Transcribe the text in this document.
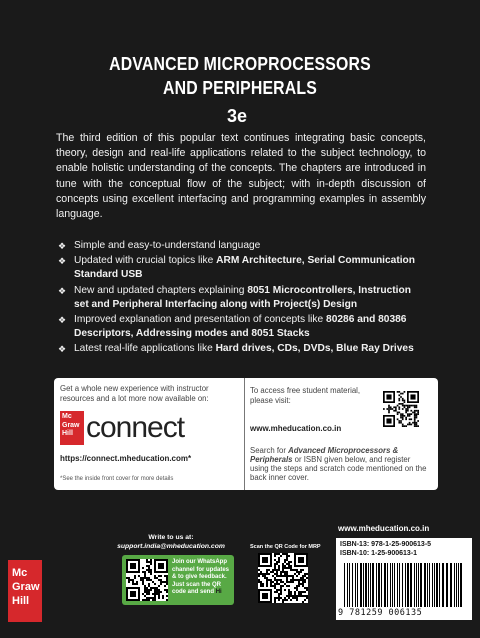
ADVANCED MICROPROCESSORS
AND PERIPHERALS
3e
The third edition of this popular text continues integrating basic concepts, theory, design and real-life applications related to the subject technology, to enable holistic understanding of the concepts. The chapters are introduced in tune with the conceptual flow of the subject; with in-depth discussion of concepts using excellent interfacing and programming examples in assembly language.
❖ Simple and easy-to-understand language
❖ Updated with crucial topics like ARM Architecture, Serial Communication Standard USB
❖ New and updated chapters explaining 8051 Microcontrollers, Instruction set and Peripheral Interfacing along with Project(s) Design
❖ Improved explanation and presentation of concepts like 80286 and 80386 Descriptors, Addressing modes and 8051 Stacks
❖ Latest real-life applications like Hard drives, CDs, DVDs, Blue Ray Drives
Get a whole new experience with instructor resources and a lot more now available on:
Mc
Graw
Hill connect
https://connect.mheducation.com*
*See the inside front cover for more details
To access free student material, please visit:
www.mheducation.co.in
Search for Advanced Microprocessors & Peripherals or ISBN given below, and register using the steps and scratch code mentioned on the back inner cover.
Mc
Graw
Hill
Write to us at:
support.india@mheducation.com
Join our WhatsApp channel for updates & to give feedback. Just scan the QR code and send Hi
Scan the QR Code for MRP
www.mheducation.co.in
ISBN-13: 978-1-25-900613-5
ISBN-10: 1-25-900613-1
9 781259 006135
